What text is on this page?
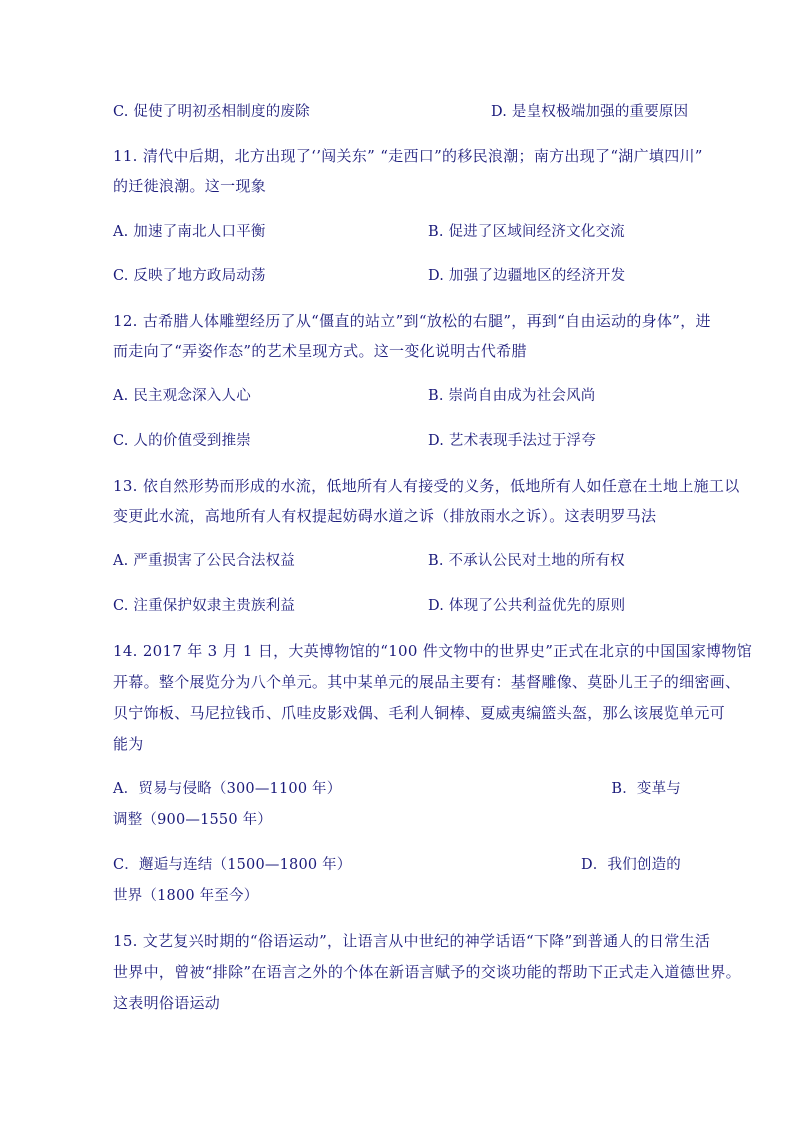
C. 促使了明初丞相制度的废除	D. 是皇权极端加强的重要原因
11. 清代中后期，北方出现了‘’闯关东” “走西口”的移民浪潮；南方出现了“湖广填四川”
的迁徙浪潮。这一现象
A. 加速了南北人口平衡	B. 促进了区域间经济文化交流
C. 反映了地方政局动荡	D. 加强了边疆地区的经济开发
12. 古希腊人体雕塑经历了从“僵直的站立”到“放松的右腿”，再到“自由运动的身体”，进
而走向了“弄姿作态”的艺术呈现方式。这一变化说明古代希腊
A. 民主观念深入人心	B. 崇尚自由成为社会风尚
C. 人的价值受到推崇	D. 艺术表现手法过于浮夸
13. 依自然形势而形成的水流，低地所有人有接受的义务，低地所有人如任意在土地上施工以
变更此水流，高地所有人有权提起妨碍水道之诉（排放雨水之诉）。这表明罗马法
A. 严重损害了公民合法权益	B. 不承认公民对土地的所有权
C. 注重保护奴隶主贵族利益	D. 体现了公共利益优先的原则
14. 2017 年 3 月 1 日，大英博物馆的“100 件文物中的世界史”正式在北京的中国国家博物馆
开幕。整个展览分为八个单元。其中某单元的展品主要有：基督雕像、莫卧儿王子的细密画、
贝宁饰板、马尼拉钱币、爪哇皮影戏偶、毛利人铜棒、夏威夷编篮头盔，那么该展览单元可
能为
A．贸易与侵略（300—1100 年）	B．变革与
调整（900—1550 年）
C．邂逅与连结（1500—1800 年）	D．我们创造的
世界（1800 年至今）
15. 文艺复兴时期的“俗语运动”，让语言从中世纪的神学话语“下降”到普通人的日常生活
世界中，曾被“排除”在语言之外的个体在新语言赋予的交谈功能的帮助下正式走入道德世界。
这表明俗语运动
